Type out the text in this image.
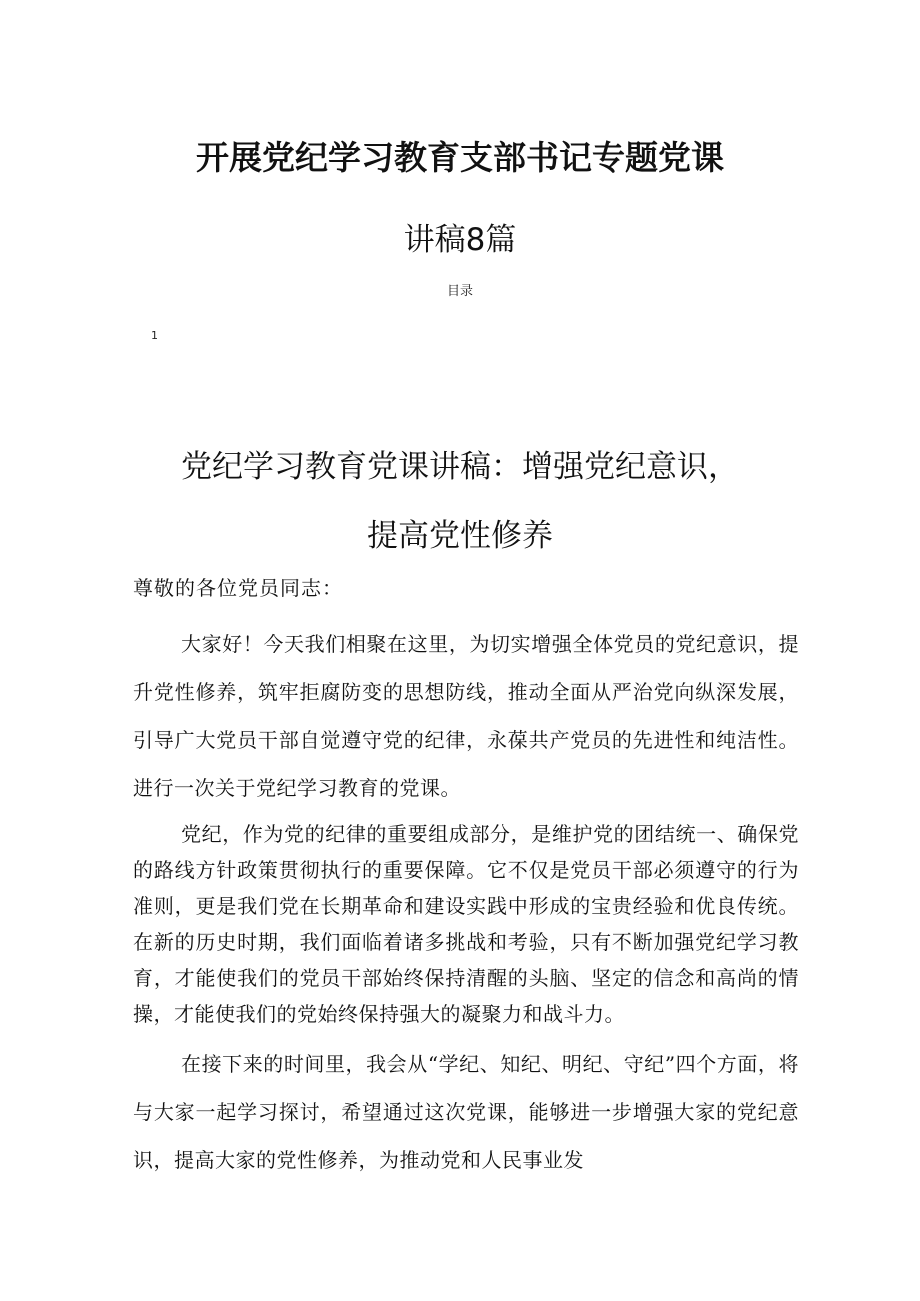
开展党纪学习教育支部书记专题党课
讲稿8篇
目录
1
党纪学习教育党课讲稿：增强党纪意识，
提高党性修养
尊敬的各位党员同志：

大家好！今天我们相聚在这里，为切实增强全体党员的党纪意识，提升党性修养，筑牢拒腐防变的思想防线，推动全面从严治党向纵深发展，引导广大党员干部自觉遵守党的纪律，永葆共产党员的先进性和纯洁性。进行一次关于党纪学习教育的党课。

党纪，作为党的纪律的重要组成部分，是维护党的团结统一、确保党的路线方针政策贯彻执行的重要保障。它不仅是党员干部必须遵守的行为准则，更是我们党在长期革命和建设实践中形成的宝贵经验和优良传统。在新的历史时期，我们面临着诸多挑战和考验，只有不断加强党纪学习教育，才能使我们的党员干部始终保持清醒的头脑、坚定的信念和高尚的情操，才能使我们的党始终保持强大的凝聚力和战斗力。

在接下来的时间里，我会从“学纪、知纪、明纪、守纪”四个方面，将与大家一起学习探讨，希望通过这次党课，能够进一步增强大家的党纪意识，提高大家的党性修养，为推动党和人民事业发
